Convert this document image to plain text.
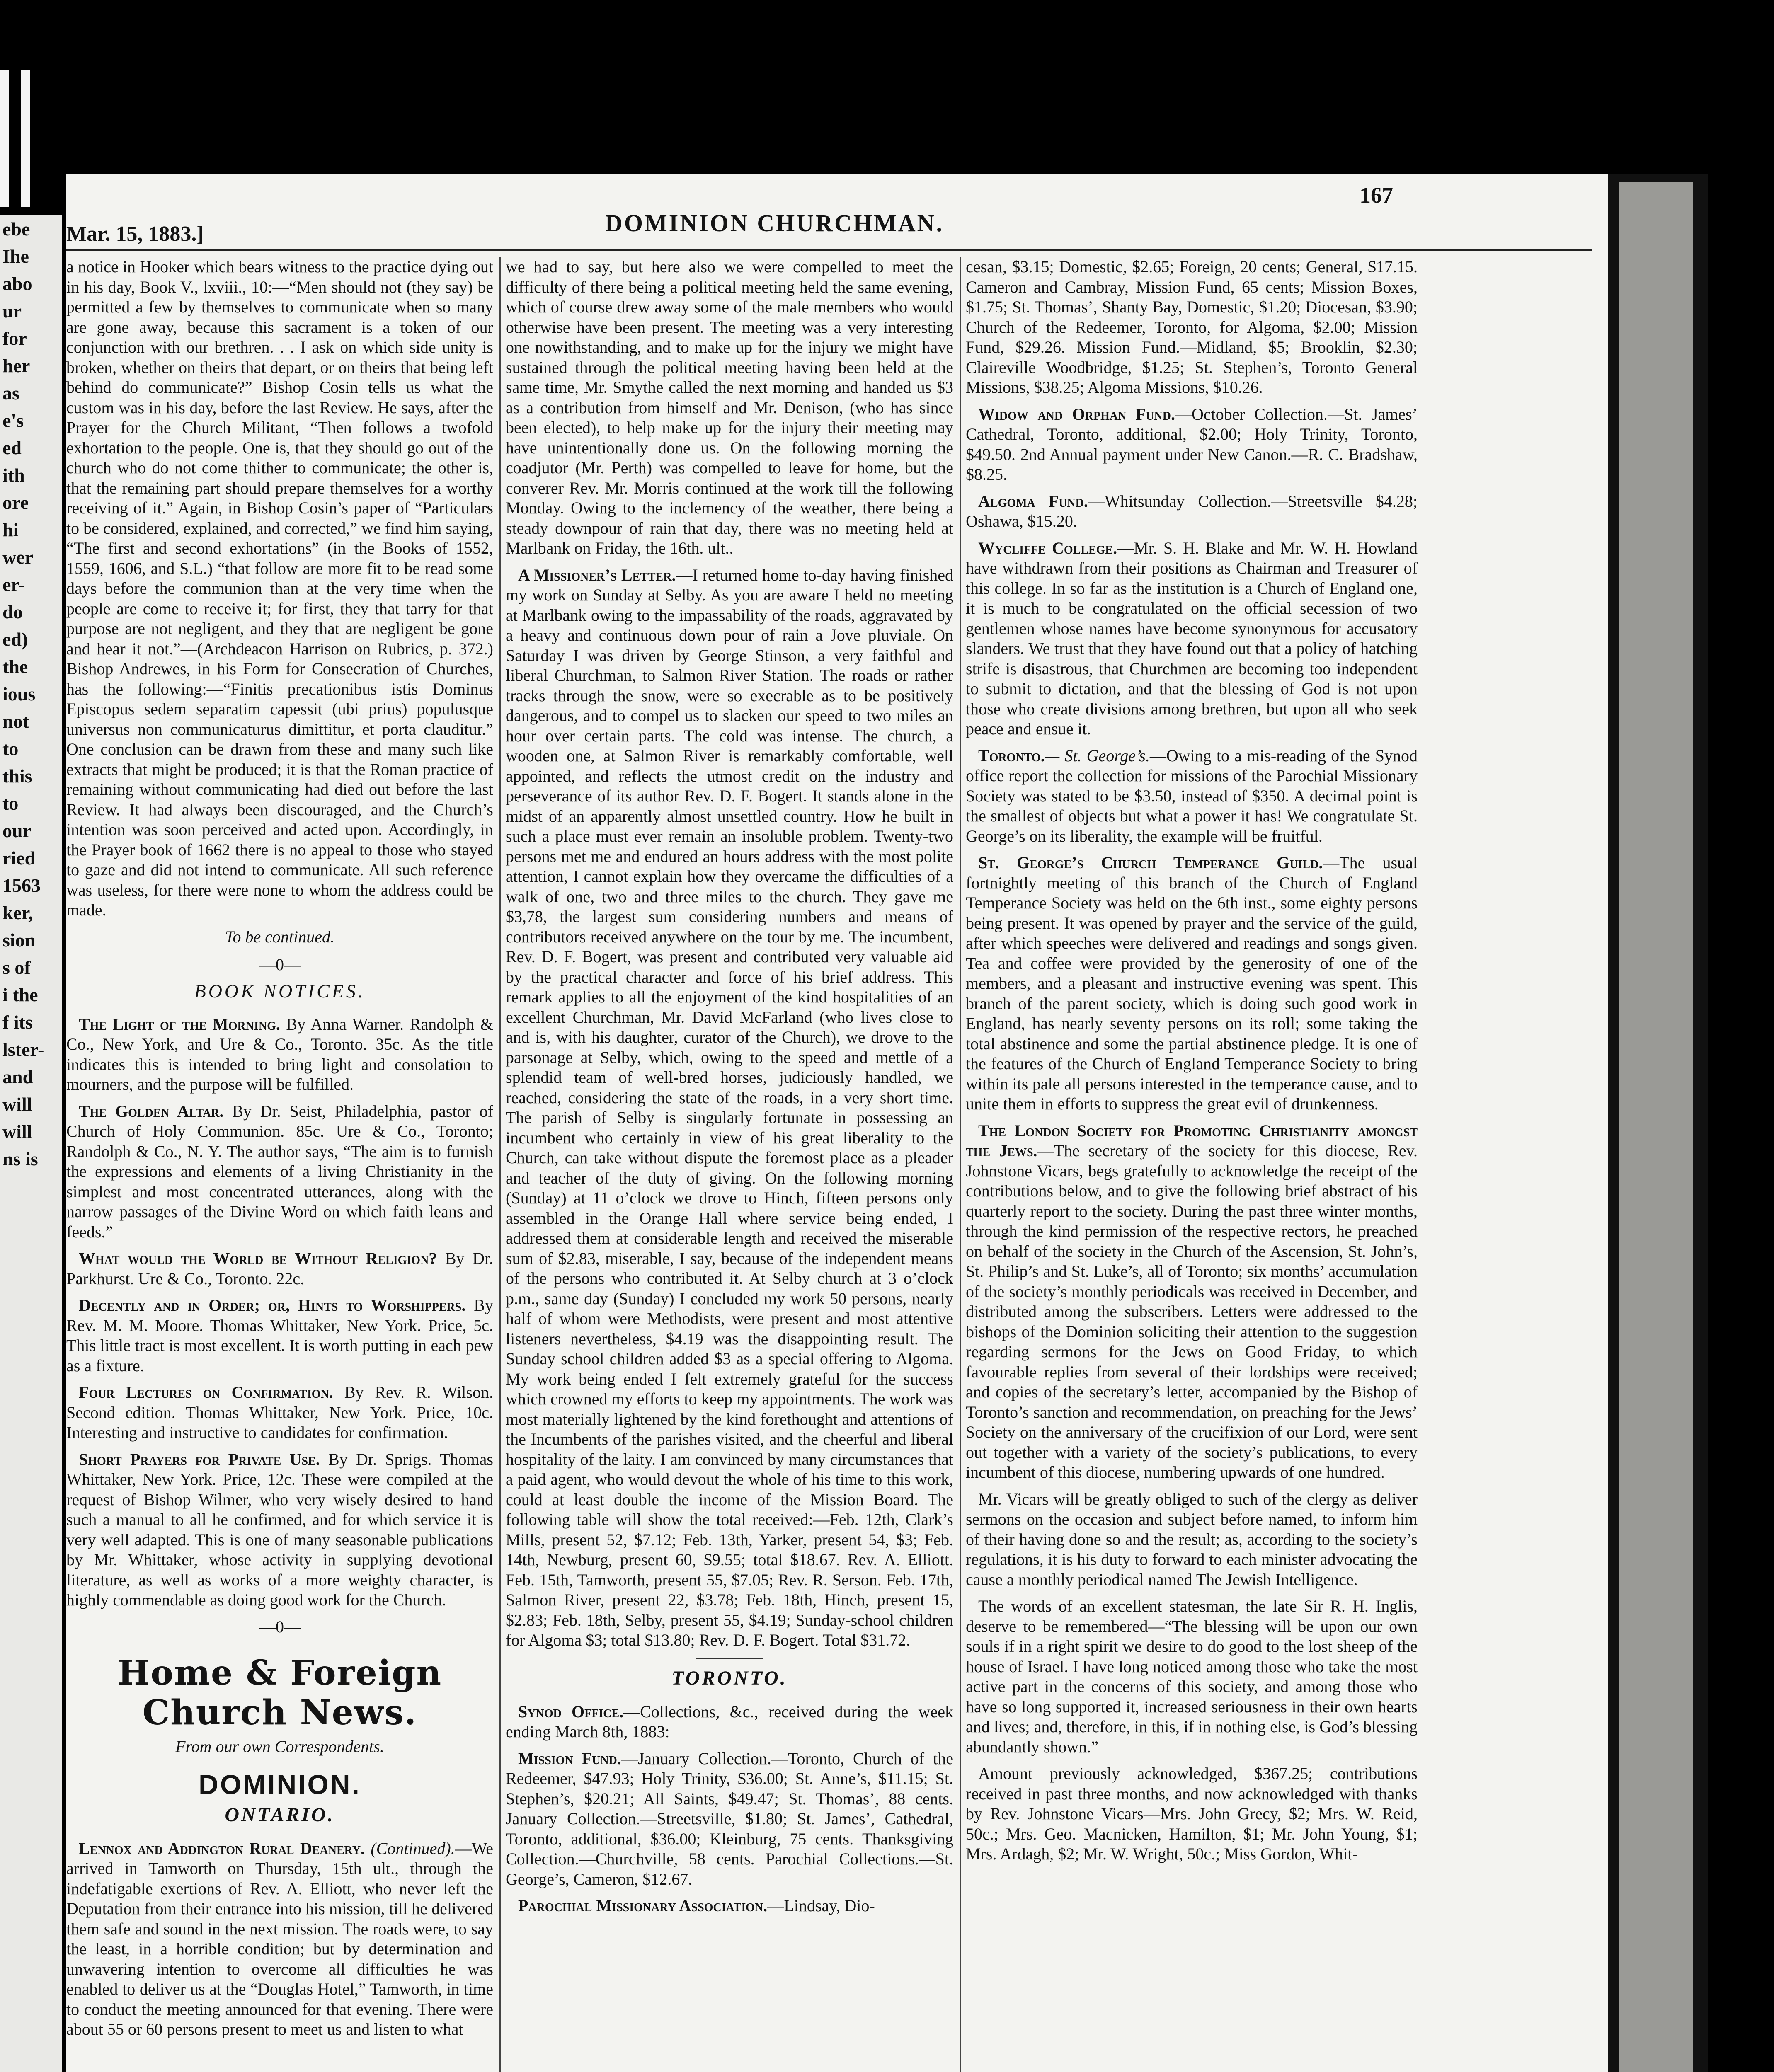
ebe
Ihe
abo
ur
for
her
as
e's
ed
ith
ore
hi
wer
er-
do
ed)
the
ious
not
to
this
to
our
ried
1563
ker,
sion
s of
i the
f its
lster-
and
will
will
ns is
Mar. 15, 1883.]	DOMINION CHURCHMAN.
167

a notice in Hooker which bears witness to the practice dying out in his day, Book V., lxviii., 10:—“Men should not (they say) be permitted a few by themselves to communicate when so many are gone away, because this sacrament is a token of our conjunction with our brethren. . . I ask on which side unity is broken, whether on theirs that depart, or on theirs that being left behind do communicate?” Bishop Cosin tells us what the custom was in his day, before the last Review. He says, after the Prayer for the Church Militant, “Then follows a twofold exhortation to the people. One is, that they should go out of the church who do not come thither to communicate; the other is, that the remaining part should prepare themselves for a worthy receiving of it.” Again, in Bishop Cosin’s paper of “Particulars to be considered, explained, and corrected,” we find him saying, “The first and second exhortations” (in the Books of 1552, 1559, 1606, and S.L.) “that follow are more fit to be read some days before the communion than at the very time when the people are come to receive it; for first, they that tarry for that purpose are not negligent, and they that are negligent be gone and hear it not.”—(Archdeacon Harrison on Rubrics, p. 372.) Bishop Andrewes, in his Form for Consecration of Churches, has the following:—“Finitis precationibus istis Dominus Episcopus sedem separatim capessit (ubi prius) populusque universus non communicaturus dimittitur, et porta clauditur.” One conclusion can be drawn from these and many such like extracts that might be produced; it is that the Roman practice of remaining without communicating had died out before the last Review. It had always been discouraged, and the Church’s intention was soon perceived and acted upon. Accordingly, in the Prayer book of 1662 there is no appeal to those who stayed to gaze and did not intend to communicate. All such reference was useless, for there were none to whom the address could be made.

To be continued.
—0—
BOOK NOTICES.

The Light of the Morning. By Anna Warner. Randolph & Co., New York, and Ure & Co., Toronto. 35c. As the title indicates this is intended to bring light and consolation to mourners, and the purpose will be fulfilled.

The Golden Altar. By Dr. Seist, Philadelphia, pastor of Church of Holy Communion. 85c. Ure & Co., Toronto; Randolph & Co., N. Y. The author says, “The aim is to furnish the expressions and elements of a living Christianity in the simplest and most concentrated utterances, along with the narrow passages of the Divine Word on which faith leans and feeds.”

What would the World be Without Religion? By Dr. Parkhurst. Ure & Co., Toronto. 22c.

Decently and in Order; or, Hints to Worshippers. By Rev. M. M. Moore. Thomas Whittaker, New York. Price, 5c. This little tract is most excellent. It is worth putting in each pew as a fixture.

Four Lectures on Confirmation. By Rev. R. Wilson. Second edition. Thomas Whittaker, New York. Price, 10c. Interesting and instructive to candidates for confirmation.

Short Prayers for Private Use. By Dr. Sprigs. Thomas Whittaker, New York. Price, 12c. These were compiled at the request of Bishop Wilmer, who very wisely desired to hand such a manual to all he confirmed, and for which service it is very well adapted. This is one of many seasonable publications by Mr. Whittaker, whose activity in supplying devotional literature, as well as works of a more weighty character, is highly commendable as doing good work for the Church.

—0—
Home & Foreign Church News.
From our own Correspondents.
DOMINION.
ONTARIO.

Lennox and Addington Rural Deanery. (Continued).—We arrived in Tamworth on Thursday, 15th ult., through the indefatigable exertions of Rev. A. Elliott, who never left the Deputation from their entrance into his mission, till he delivered them safe and sound in the next mission. The roads were, to say the least, in a horrible condition; but by determination and unwavering intention to overcome all difficulties he was enabled to deliver us at the “Douglas Hotel,” Tamworth, in time to conduct the meeting announced for that evening. There were about 55 or 60 persons present to meet us and listen to what

we had to say, but here also we were compelled to meet the difficulty of there being a political meeting held the same evening, which of course drew away some of the male members who would otherwise have been present. The meeting was a very interesting one nowithstanding, and to make up for the injury we might have sustained through the political meeting having been held at the same time, Mr. Smythe called the next morning and handed us $3 as a contribution from himself and Mr. Denison, (who has since been elected), to help make up for the injury their meeting may have unintentionally done us. On the following morning the coadjutor (Mr. Perth) was compelled to leave for home, but the converer Rev. Mr. Morris continued at the work till the following Monday. Owing to the inclemency of the weather, there being a steady downpour of rain that day, there was no meeting held at Marlbank on Friday, the 16th. ult..

A Missioner’s Letter.—I returned home to-day having finished my work on Sunday at Selby. As you are aware I held no meeting at Marlbank owing to the impassability of the roads, aggravated by a heavy and continuous down pour of rain a Jove pluviale. On Saturday I was driven by George Stinson, a very faithful and liberal Churchman, to Salmon River Station. The roads or rather tracks through the snow, were so execrable as to be positively dangerous, and to compel us to slacken our speed to two miles an hour over certain parts. The cold was intense. The church, a wooden one, at Salmon River is remarkably comfortable, well appointed, and reflects the utmost credit on the industry and perseverance of its author Rev. D. F. Bogert. It stands alone in the midst of an apparently almost unsettled country. How he built in such a place must ever remain an insoluble problem. Twenty-two persons met me and endured an hours address with the most polite attention, I cannot explain how they overcame the difficulties of a walk of one, two and three miles to the church. They gave me $3,78, the largest sum considering numbers and means of contributors received anywhere on the tour by me. The incumbent, Rev. D. F. Bogert, was present and contributed very valuable aid by the practical character and force of his brief address. This remark applies to all the enjoyment of the kind hospitalities of an excellent Churchman, Mr. David McFarland (who lives close to and is, with his daughter, curator of the Church), we drove to the parsonage at Selby, which, owing to the speed and mettle of a splendid team of well-bred horses, judiciously handled, we reached, considering the state of the roads, in a very short time. The parish of Selby is singularly fortunate in possessing an incumbent who certainly in view of his great liberality to the Church, can take without dispute the foremost place as a pleader and teacher of the duty of giving. On the following morning (Sunday) at 11 o’clock we drove to Hinch, fifteen persons only assembled in the Orange Hall where service being ended, I addressed them at considerable length and received the miserable sum of $2.83, miserable, I say, because of the independent means of the persons who contributed it. At Selby church at 3 o’clock p.m., same day (Sunday) I concluded my work 50 persons, nearly half of whom were Methodists, were present and most attentive listeners nevertheless, $4.19 was the disappointing result. The Sunday school children added $3 as a special offering to Algoma. My work being ended I felt extremely grateful for the success which crowned my efforts to keep my appointments. The work was most materially lightened by the kind forethought and attentions of the Incumbents of the parishes visited, and the cheerful and liberal hospitality of the laity. I am convinced by many circumstances that a paid agent, who would devout the whole of his time to this work, could at least double the income of the Mission Board. The following table will show the total received:—Feb. 12th, Clark’s Mills, present 52, $7.12; Feb. 13th, Yarker, present 54, $3; Feb. 14th, Newburg, present 60, $9.55; total $18.67. Rev. A. Elliott. Feb. 15th, Tamworth, present 55, $7.05; Rev. R. Serson. Feb. 17th, Salmon River, present 22, $3.78; Feb. 18th, Hinch, present 15, $2.83; Feb. 18th, Selby, present 55, $4.19; Sunday-school children for Algoma $3; total $13.80; Rev. D. F. Bogert. Total $31.72.

TORONTO.

Synod Office.—Collections, &c., received during the week ending March 8th, 1883:

Mission Fund.—January Collection.—Toronto, Church of the Redeemer, $47.93; Holy Trinity, $36.00; St. Anne’s, $11.15; St. Stephen’s, $20.21; All Saints, $49.47; St. Thomas’, 88 cents. January Collection.—Streetsville, $1.80; St. James’, Cathedral, Toronto, additional, $36.00; Kleinburg, 75 cents. Thanksgiving Collection.—Churchville, 58 cents. Parochial Collections.—St. George’s, Cameron, $12.67.

Parochial Missionary Association.—Lindsay, Dio-

cesan, $3.15; Domestic, $2.65; Foreign, 20 cents; General, $17.15. Cameron and Cambray, Mission Fund, 65 cents; Mission Boxes, $1.75; St. Thomas’, Shanty Bay, Domestic, $1.20; Diocesan, $3.90; Church of the Redeemer, Toronto, for Algoma, $2.00; Mission Fund, $29.26. Mission Fund.—Midland, $5; Brooklin, $2.30; Claireville Woodbridge, $1.25; St. Stephen’s, Toronto General Missions, $38.25; Algoma Missions, $10.26.

Widow and Orphan Fund.—October Collection.—St. James’ Cathedral, Toronto, additional, $2.00; Holy Trinity, Toronto, $49.50. 2nd Annual payment under New Canon.—R. C. Bradshaw, $8.25.

Algoma Fund.—Whitsunday Collection.—Streetsville $4.28; Oshawa, $15.20.

Wycliffe College.—Mr. S. H. Blake and Mr. W. H. Howland have withdrawn from their positions as Chairman and Treasurer of this college. In so far as the institution is a Church of England one, it is much to be congratulated on the official secession of two gentlemen whose names have become synonymous for accusatory slanders. We trust that they have found out that a policy of hatching strife is disastrous, that Churchmen are becoming too independent to submit to dictation, and that the blessing of God is not upon those who create divisions among brethren, but upon all who seek peace and ensue it.

Toronto.— St. George’s.—Owing to a mis-reading of the Synod office report the collection for missions of the Parochial Missionary Society was stated to be $3.50, instead of $350. A decimal point is the smallest of objects but what a power it has! We congratulate St. George’s on its liberality, the example will be fruitful.

St. George’s Church Temperance Guild.—The usual fortnightly meeting of this branch of the Church of England Temperance Society was held on the 6th inst., some eighty persons being present. It was opened by prayer and the service of the guild, after which speeches were delivered and readings and songs given. Tea and coffee were provided by the generosity of one of the members, and a pleasant and instructive evening was spent. This branch of the parent society, which is doing such good work in England, has nearly seventy persons on its roll; some taking the total abstinence and some the partial abstinence pledge. It is one of the features of the Church of England Temperance Society to bring within its pale all persons interested in the temperance cause, and to unite them in efforts to suppress the great evil of drunkenness.

The London Society for Promoting Christianity amongst the Jews.—The secretary of the society for this diocese, Rev. Johnstone Vicars, begs gratefully to acknowledge the receipt of the contributions below, and to give the following brief abstract of his quarterly report to the society. During the past three winter months, through the kind permission of the respective rectors, he preached on behalf of the society in the Church of the Ascension, St. John’s, St. Philip’s and St. Luke’s, all of Toronto; six months’ accumulation of the society’s monthly periodicals was received in December, and distributed among the subscribers. Letters were addressed to the bishops of the Dominion soliciting their attention to the suggestion regarding sermons for the Jews on Good Friday, to which favourable replies from several of their lordships were received; and copies of the secretary’s letter, accompanied by the Bishop of Toronto’s sanction and recommendation, on preaching for the Jews’ Society on the anniversary of the crucifixion of our Lord, were sent out together with a variety of the society’s publications, to every incumbent of this diocese, numbering upwards of one hundred.

Mr. Vicars will be greatly obliged to such of the clergy as deliver sermons on the occasion and subject before named, to inform him of their having done so and the result; as, according to the society’s regulations, it is his duty to forward to each minister advocating the cause a monthly periodical named The Jewish Intelligence.

The words of an excellent statesman, the late Sir R. H. Inglis, deserve to be remembered—“The blessing will be upon our own souls if in a right spirit we desire to do good to the lost sheep of the house of Israel. I have long noticed among those who take the most active part in the concerns of this society, and among those who have so long supported it, increased seriousness in their own hearts and lives; and, therefore, in this, if in nothing else, is God’s blessing abundantly shown.”

Amount previously acknowledged, $367.25; contributions received in past three months, and now acknowledged with thanks by Rev. Johnstone Vicars—Mrs. John Grecy, $2; Mrs. W. Reid, 50c.; Mrs. Geo. Macnicken, Hamilton, $1; Mr. John Young, $1; Mrs. Ardagh, $2; Mr. W. Wright, 50c.; Miss Gordon, Whit-
